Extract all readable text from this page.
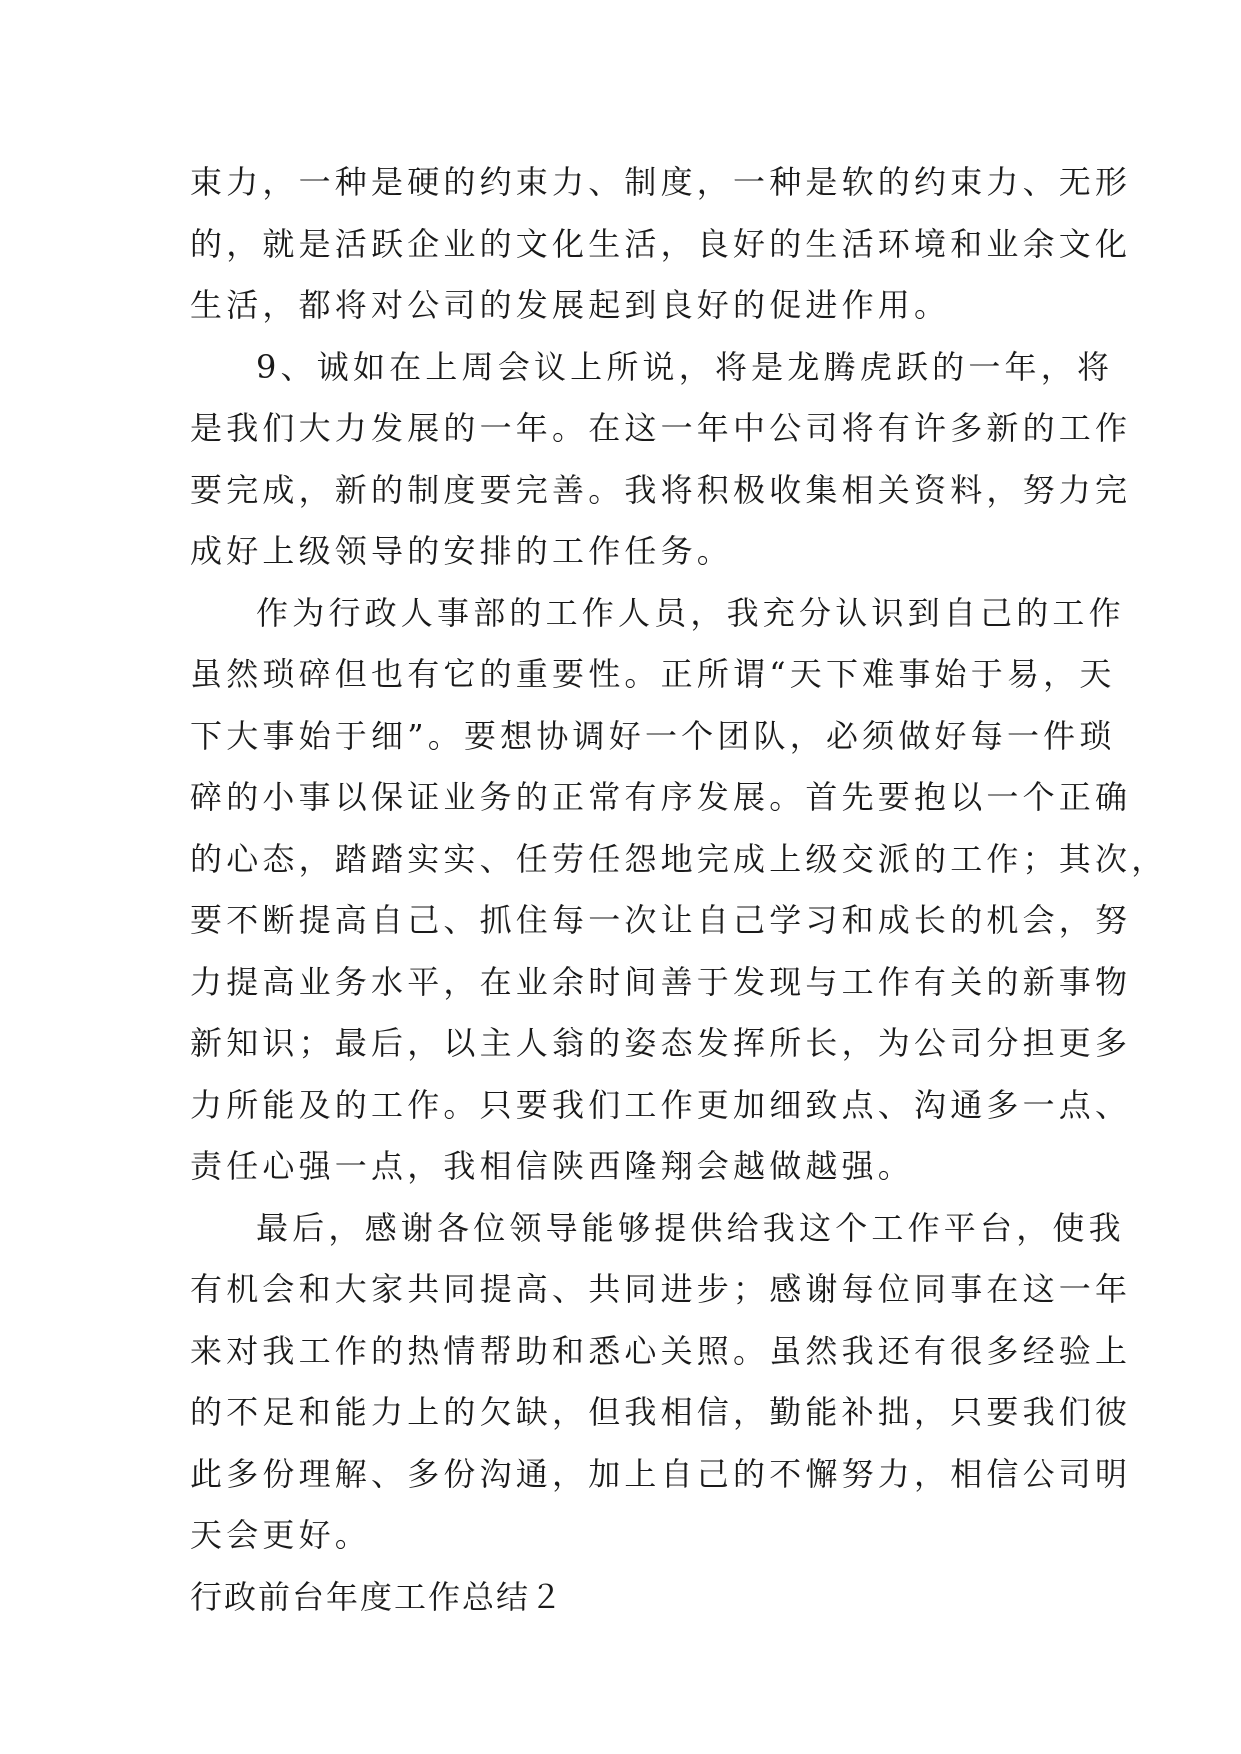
束力，一种是硬的约束力、制度，一种是软的约束力、无形
的，就是活跃企业的文化生活，良好的生活环境和业余文化
生活，都将对公司的发展起到良好的促进作用。
9、诚如在上周会议上所说，将是龙腾虎跃的一年，将
是我们大力发展的一年。在这一年中公司将有许多新的工作
要完成，新的制度要完善。我将积极收集相关资料，努力完
成好上级领导的安排的工作任务。
作为行政人事部的工作人员，我充分认识到自己的工作
虽然琐碎但也有它的重要性。正所谓“天下难事始于易，天
下大事始于细”。要想协调好一个团队，必须做好每一件琐
碎的小事以保证业务的正常有序发展。首先要抱以一个正确
的心态，踏踏实实、任劳任怨地完成上级交派的工作；其次，
要不断提高自己、抓住每一次让自己学习和成长的机会，努
力提高业务水平，在业余时间善于发现与工作有关的新事物
新知识；最后，以主人翁的姿态发挥所长，为公司分担更多
力所能及的工作。只要我们工作更加细致点、沟通多一点、
责任心强一点，我相信陕西隆翔会越做越强。
最后，感谢各位领导能够提供给我这个工作平台，使我
有机会和大家共同提高、共同进步；感谢每位同事在这一年
来对我工作的热情帮助和悉心关照。虽然我还有很多经验上
的不足和能力上的欠缺，但我相信，勤能补拙，只要我们彼
此多份理解、多份沟通，加上自己的不懈努力，相信公司明
天会更好。
行政前台年度工作总结２
